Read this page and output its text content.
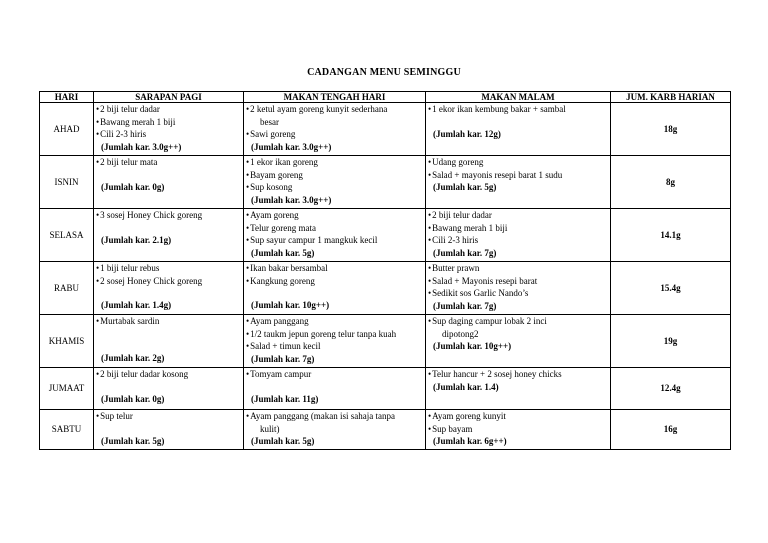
CADANGAN MENU SEMINGGU
HARI	SARAPAN PAGI	MAKAN TENGAH HARI	MAKAN MALAM	JUM. KARB HARIAN
AHAD	• 2 biji telur dadar
• Bawang merah 1 biji
• Cili 2-3 hiris
(Jumlah kar. 3.0g++)	• 2 ketul ayam goreng kunyit sederhana
besar
• Sawi goreng
(Jumlah kar. 3.0g++)	• 1 ekor ikan kembung bakar + sambal
(Jumlah kar. 12g)	18g
ISNIN	• 2 biji telur mata
(Jumlah kar. 0g)	• 1 ekor ikan goreng
• Bayam goreng
• Sup kosong
(Jumlah kar. 3.0g++)	• Udang goreng
• Salad + mayonis resepi barat 1 sudu
(Jumlah kar. 5g)	8g
SELASA	• 3 sosej Honey Chick goreng
(Jumlah kar. 2.1g)	• Ayam goreng
• Telur goreng mata
• Sup sayur campur 1 mangkuk kecil
(Jumlah kar. 5g)	• 2 biji telur dadar
• Bawang merah 1 biji
• Cili 2-3 hiris
(Jumlah kar. 7g)	14.1g
RABU	• 1 biji telur rebus
• 2 sosej Honey Chick goreng
(Jumlah kar. 1.4g)	• Ikan bakar bersambal
• Kangkung goreng
(Jumlah kar. 10g++)	• Butter prawn
• Salad + Mayonis resepi barat
• Sedikit sos Garlic Nando’s
(Jumlah kar. 7g)	15.4g
KHAMIS	• Murtabak sardin
(Jumlah kar. 2g)	• Ayam panggang
• 1/2 taukm jepun goreng telur tanpa kuah
• Salad + timun kecil
(Jumlah kar. 7g)	• Sup daging campur lobak 2 inci
dipotong2
(Jumlah kar. 10g++)	19g
JUMAAT	• 2 biji telur dadar kosong
(Jumlah kar. 0g)	• Tomyam campur
(Jumlah kar. 11g)	• Telur hancur + 2 sosej honey chicks
(Jumlah kar. 1.4)	12.4g
SABTU	• Sup telur
(Jumlah kar. 5g)	• Ayam panggang (makan isi sahaja tanpa
kulit)
(Jumlah kar. 5g)	• Ayam goreng kunyit
• Sup bayam
(Jumlah kar. 6g++)	16g
